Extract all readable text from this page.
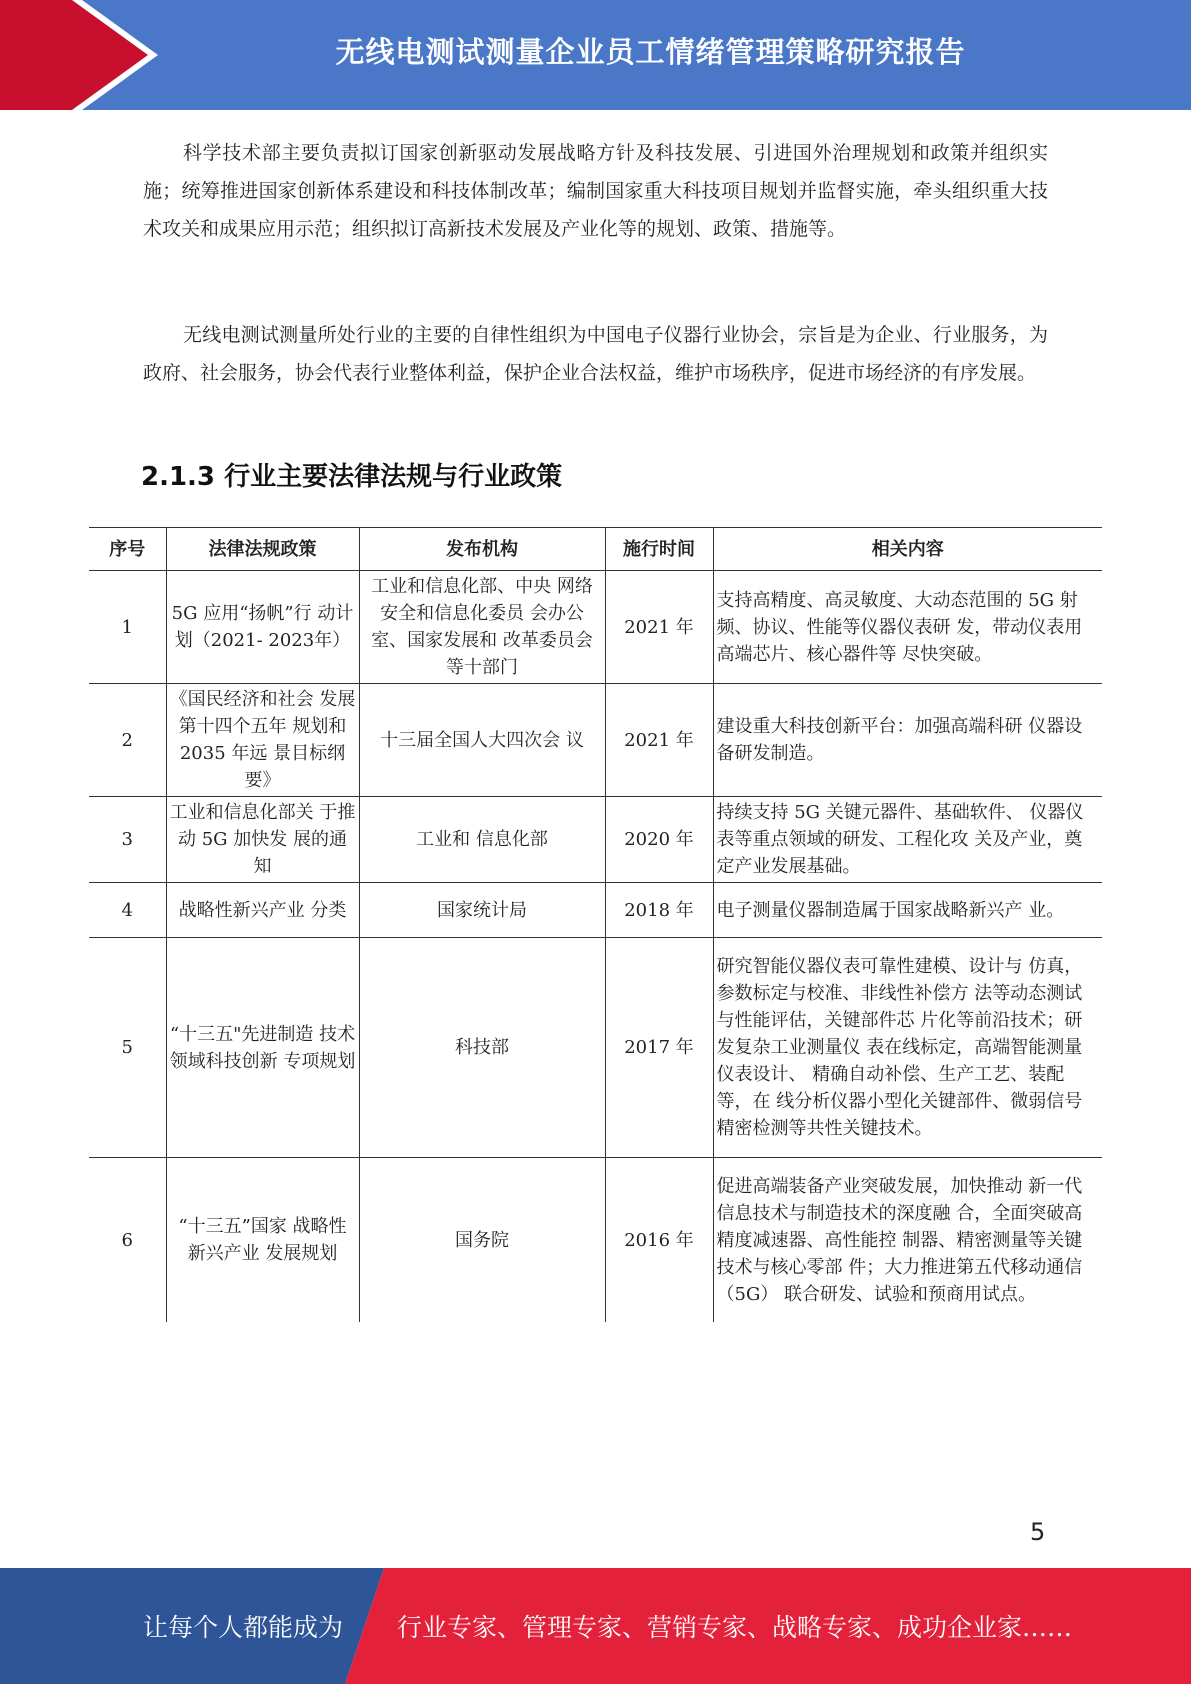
无线电测试测量企业员工情绪管理策略研究报告

科学技术部主要负责拟订国家创新驱动发展战略方针及科技发展、引进国外治理规划和政策并组织实施；统筹推进国家创新体系建设和科技体制改革；编制国家重大科技项目规划并监督实施，牵头组织重大技术攻关和成果应用示范；组织拟订高新技术发展及产业化等的规划、政策、措施等。

无线电测试测量所处行业的主要的自律性组织为中国电子仪器行业协会，宗旨是为企业、行业服务，为政府、社会服务，协会代表行业整体利益，保护企业合法权益，维护市场秩序，促进市场经济的有序发展。

2.1.3 行业主要法律法规与行业政策
序号	法律法规政策	发布机构	施行时间	相关内容
1	5G 应用“扬帆”行 动计划（2021- 2023年）	工业和信息化部、中央 网络安全和信息化委员 会办公室、国家发展和 改革委员会等十部门	2021 年	支持高精度、高灵敏度、大动态范围的 5G 射频、协议、性能等仪器仪表研 发，带动仪表用高端芯片、核心器件等 尽快突破。
2	《国民经济和社会 发展第十四个五年 规划和 2035 年远 景目标纲要》	十三届全国人大四次会 议	2021 年	建设重大科技创新平台：加强高端科研 仪器设备研发制造。
3	工业和信息化部关 于推动 5G 加快发 展的通知	工业和 信息化部	2020 年	持续支持 5G 关键元器件、基础软件、 仪器仪表等重点领域的研发、工程化攻 关及产业，奠定产业发展基础。
4	战略性新兴产业 分类	国家统计局	2018 年	电子测量仪器制造属于国家战略新兴产 业。
5	“十三五"先进制造 技术领域科技创新 专项规划	科技部	2017 年	研究智能仪器仪表可靠性建模、设计与 仿真，参数标定与校准、非线性补偿方 法等动态测试与性能评估，关键部件芯 片化等前沿技术；研发复杂工业测量仪 表在线标定，高端智能测量仪表设计、 精确自动补偿、生产工艺、装配等，在 线分析仪器小型化关键部件、微弱信号 精密检测等共性关键技术。
6	“十三五”国家 战略性新兴产业 发展规划	国务院	2016 年	促进高端装备产业突破发展，加快推动 新一代信息技术与制造技术的深度融 合，全面突破高精度减速器、高性能控 制器、精密测量等关键技术与核心零部 件；大力推进第五代移动通信（5G） 联合研发、试验和预商用试点。
5
让每个人都能成为 行业专家、管理专家、营销专家、战略专家、成功企业家……
